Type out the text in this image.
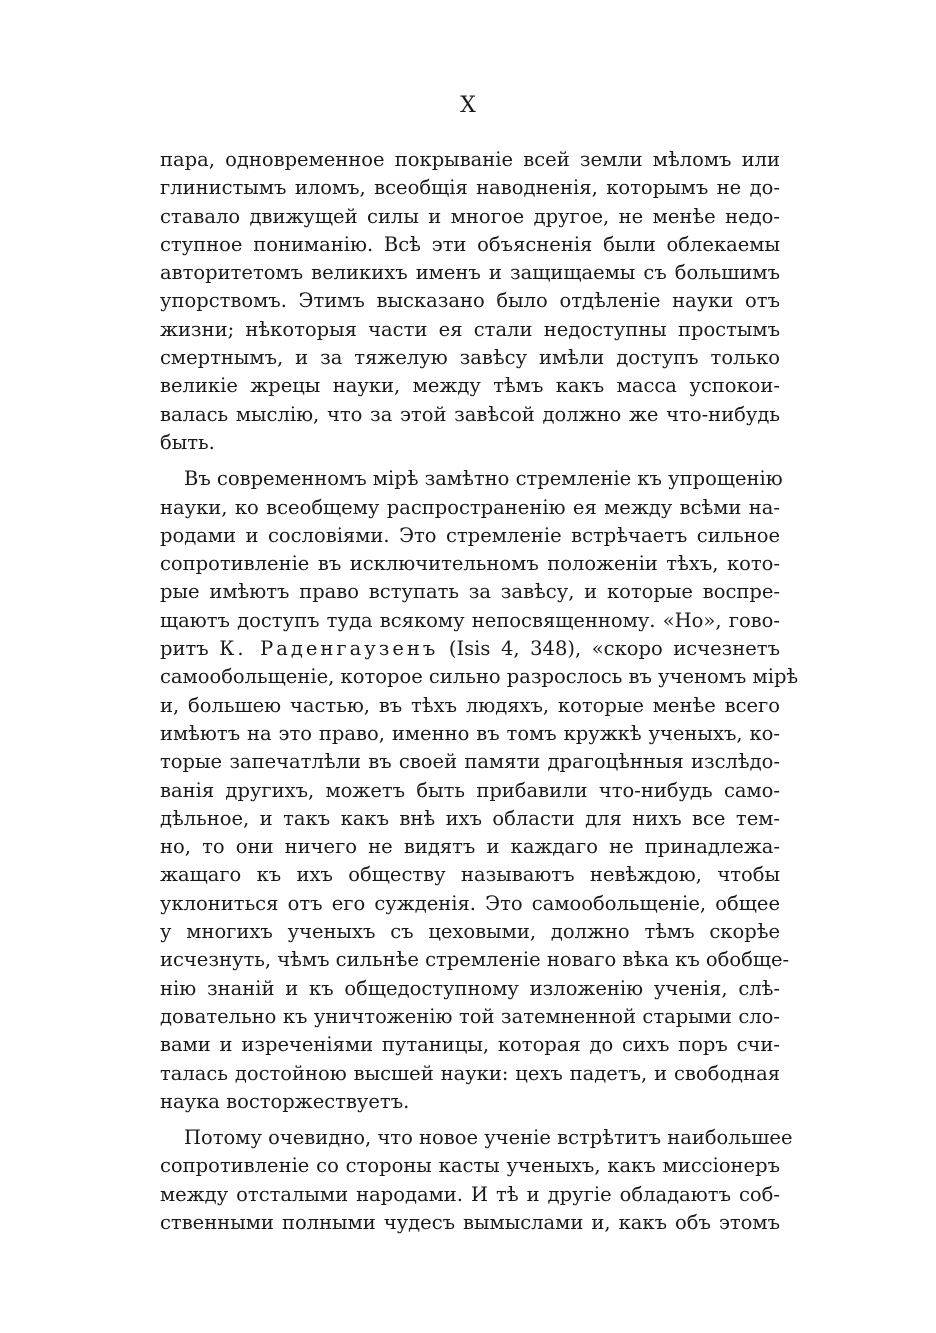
X

пара, одновременное покрываніе всей земли мѣломъ или
глинистымъ иломъ, всеобщія наводненія, которымъ не до-
ставало движущей силы и многое другое, не менѣе недо-
ступное пониманію. Всѣ эти объясненія были облекаемы
авторитетомъ великихъ именъ и защищаемы съ большимъ
упорствомъ. Этимъ высказано было отдѣленіе науки отъ
жизни; нѣкоторыя части ея стали недоступны простымъ
смертнымъ, и за тяжелую завѣсу имѣли доступъ только
великіе жрецы науки, между тѣмъ какъ масса успокои-
валась мыслію, что за этой завѣсой должно же что-нибудь
быть.

Въ современномъ мірѣ замѣтно стремленіе къ упрощенію
науки, ко всеобщему распространенію ея между всѣми на-
родами и сословіями. Это стремленіе встрѣчаетъ сильное
сопротивленіе въ исключительномъ положеніи тѣхъ, кото-
рые имѣютъ право вступать за завѣсу, и которые воспре-
щаютъ доступъ туда всякому непосвященному. «Но», гово-
ритъ К. Раденгаузенъ (Isis 4, 348), «скоро исчезнетъ
самообольщеніе, которое сильно разрослось въ ученомъ мірѣ
и, большею частью, въ тѣхъ людяхъ, которые менѣе всего
имѣютъ на это право, именно въ томъ кружкѣ ученыхъ, ко-
торые запечатлѣли въ своей памяти драгоцѣнныя изслѣдо-
ванія другихъ, можетъ быть прибавили что-нибудь само-
дѣльное, и такъ какъ внѣ ихъ области для нихъ все тем-
но, то они ничего не видятъ и каждаго не принадлежа-
жащаго къ ихъ обществу называютъ невѣждою, чтобы
уклониться отъ его сужденія. Это самообольщеніе, общее
у многихъ ученыхъ съ цеховыми, должно тѣмъ скорѣе
исчезнуть, чѣмъ сильнѣе стремленіе новаго вѣка къ обобще-
нію знаній и къ общедоступному изложенію ученія, слѣ-
довательно къ уничтоженію той затемненной старыми сло-
вами и изреченіями путаницы, которая до сихъ поръ счи-
талась достойною высшей науки: цехъ падетъ, и свободная
наука восторжествуетъ.

Потому очевидно, что новое ученіе встрѣтитъ наибольшее
сопротивленіе со стороны касты ученыхъ, какъ миссіонеръ
между отсталыми народами. И тѣ и другіе обладаютъ соб-
ственными полными чудесъ вымыслами и, какъ объ этомъ
